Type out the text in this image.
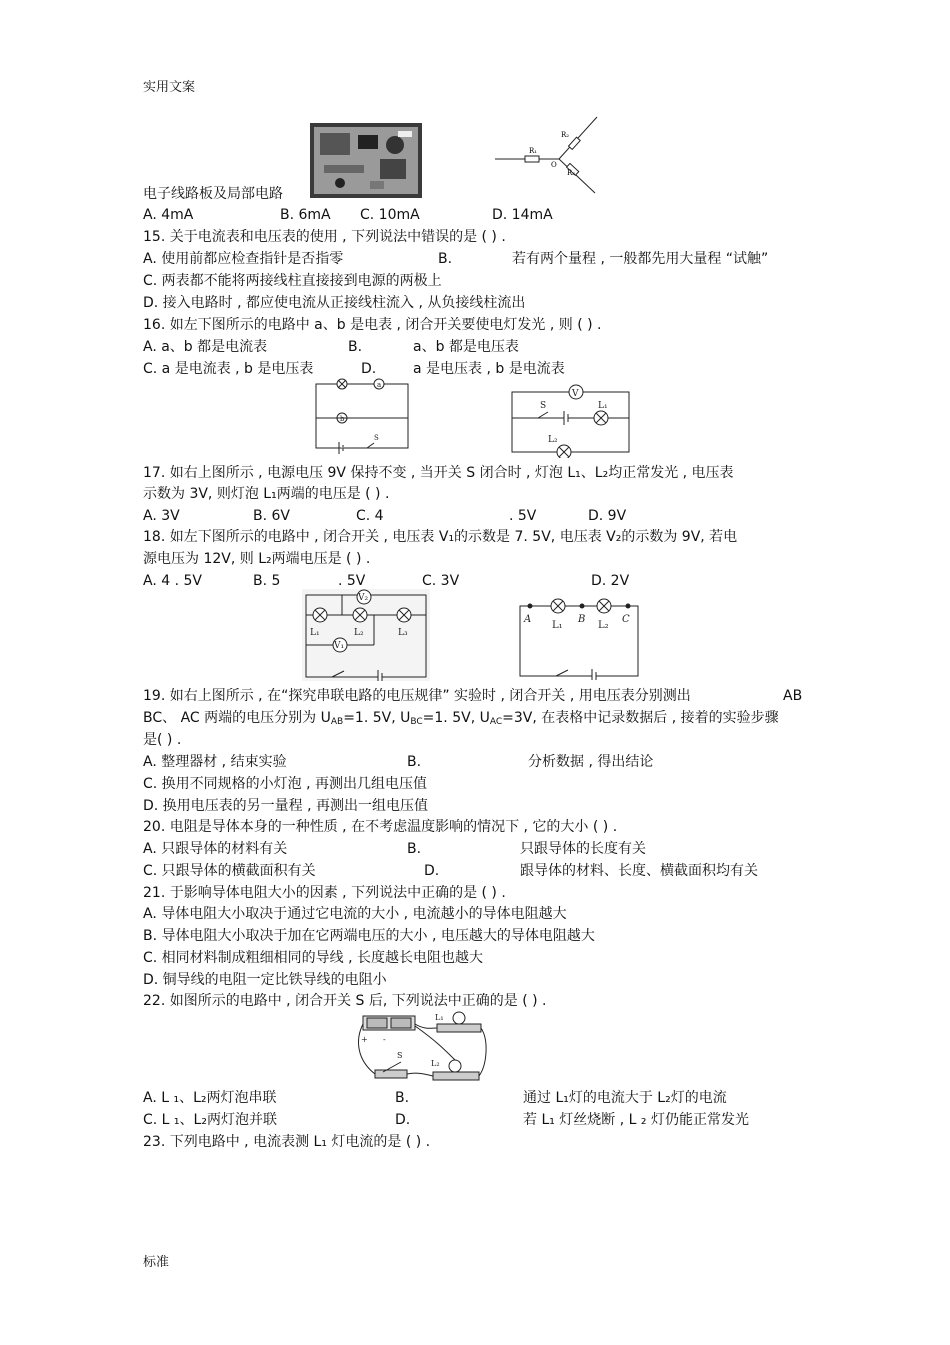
实用文案
R₁
R₂
R₃
O
电子线路板及局部电路
A. 4mA	B. 6mA C. 10mA	D. 14mA
15. 关于电流表和电压表的使用 , 下列说法中错误的是 ( ) .
A. 使用前都应检查指针是否指零	B.	若有两个量程 , 一般都先用大量程 “试触”
C. 两表都不能将两接线柱直接接到电源的两极上
D. 接入电路时 , 都应使电流从正接线柱流入 , 从负接线柱流出
16. 如左下图所示的电路中 a、b 是电表 , 闭合开关要使电灯发光 , 则 ( ) .
A. a、b 都是电流表	B.	a、b 都是电压表
C. a 是电流表 , b 是电压表	D.	a 是电压表 , b 是电流表
a
b
S
V
S	L₁
L₂
17. 如右上图所示 , 电源电压 9V 保持不变 , 当开关 S 闭合时 , 灯泡 L₁、L₂均正常发光 , 电压表
示数为 3V, 则灯泡 L₁两端的电压是 ( ) .
A. 3V	B. 6V	C. 4	. 5V	D. 9V
18. 如左下图所示的电路中 , 闭合开关 , 电压表 V₁的示数是 7. 5V, 电压表 V₂的示数为 9V, 若电
源电压为 12V, 则 L₂两端电压是 ( ) .
A. 4 . 5V	B. 5	. 5V	C. 3V	D. 2V
V₂
L₁	L₂	L₃
V₁
A	B	C
L₁	L₂
19. 如右上图所示 , 在“探究串联电路的电压规律” 实验时 , 闭合开关 , 用电压表分别测出	AB
BC、 AC 两端的电压分别为 $U_{AB}=1$. 5V, $U_{BC}=1$. 5V, $U_{AC}=3V$, 在表格中记录数据后 , 接着的实验步骤
是( ) .
A. 整理器材 , 结束实验	B.	分析数据 , 得出结论
C. 换用不同规格的小灯泡 , 再测出几组电压值
D. 换用电压表的另一量程 , 再测出一组电压值
20. 电阻是导体本身的一种性质 , 在不考虑温度影响的情况下 , 它的大小 ( ) .
A. 只跟导体的材料有关	B.	只跟导体的长度有关
C. 只跟导体的横截面积有关	D.	跟导体的材料、长度、横截面积均有关
21. 于影响导体电阻大小的因素 , 下列说法中正确的是 ( ) .
A. 导体电阻大小取决于通过它电流的大小 , 电流越小的导体电阻越大
B. 导体电阻大小取决于加在它两端电压的大小 , 电压越大的导体电阻越大
C. 相同材料制成粗细相同的导线 , 长度越长电阻也越大
D. 铜导线的电阻一定比铁导线的电阻小
22. 如图所示的电路中 , 闭合开关 S 后, 下列说法中正确的是 ( ) .
+ -
L₁
S
L₂
A. L ₁、L₂两灯泡串联	B.	通过 L₁灯的电流大于 L₂灯的电流
C. L ₁、L₂两灯泡并联	D.	若 L₁ 灯丝烧断 , L ₂ 灯仍能正常发光
23. 下列电路中 , 电流表测 L₁ 灯电流的是 ( ) .
标准
